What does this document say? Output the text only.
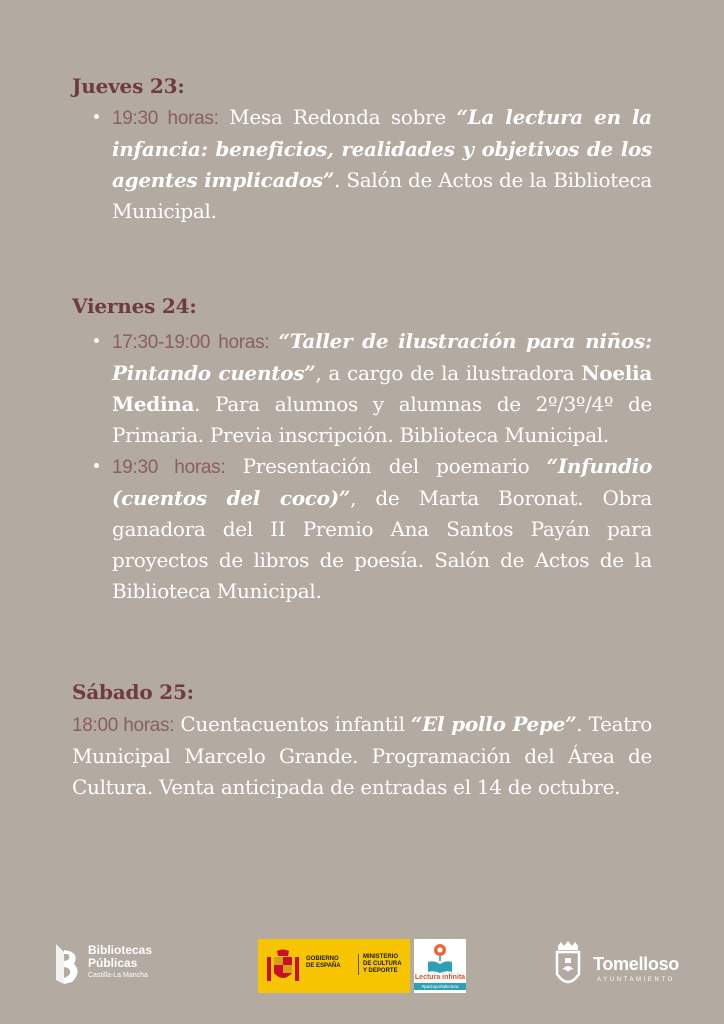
Jueves 23:

19:30 horas: Mesa Redonda sobre “La lectura en la infancia: beneficios, realidades y objetivos de los agentes implicados”. Salón de Actos de la Biblioteca Municipal.

Viernes 24:

17:30-19:00 horas: “Taller de ilustración para niños: Pintando cuentos”, a cargo de la ilustradora Noelia Medina. Para alumnos y alumnas de 2º/3º/4º de Primaria. Previa inscripción. Biblioteca Municipal.

19:30 horas: Presentación del poemario “Infundio (cuentos del coco)”, de Marta Boronat. Obra ganadora del II Premio Ana Santos Payán para proyectos de libros de poesía. Salón de Actos de la Biblioteca Municipal.

Sábado 25:

18:00 horas: Cuentacuentos infantil “El pollo Pepe”. Teatro Municipal Marcelo Grande. Programación del Área de Cultura. Venta anticipada de entradas el 14 de octubre.

Bibliotecas
Públicas
Castilla-La Mancha
GOBIERNO
DE ESPAÑA
MINISTERIO
DE CULTURA
Y DEPORTE
Lectura infinita
#pactoporlalectura
Tomelloso
AYUNTAMIENTO
